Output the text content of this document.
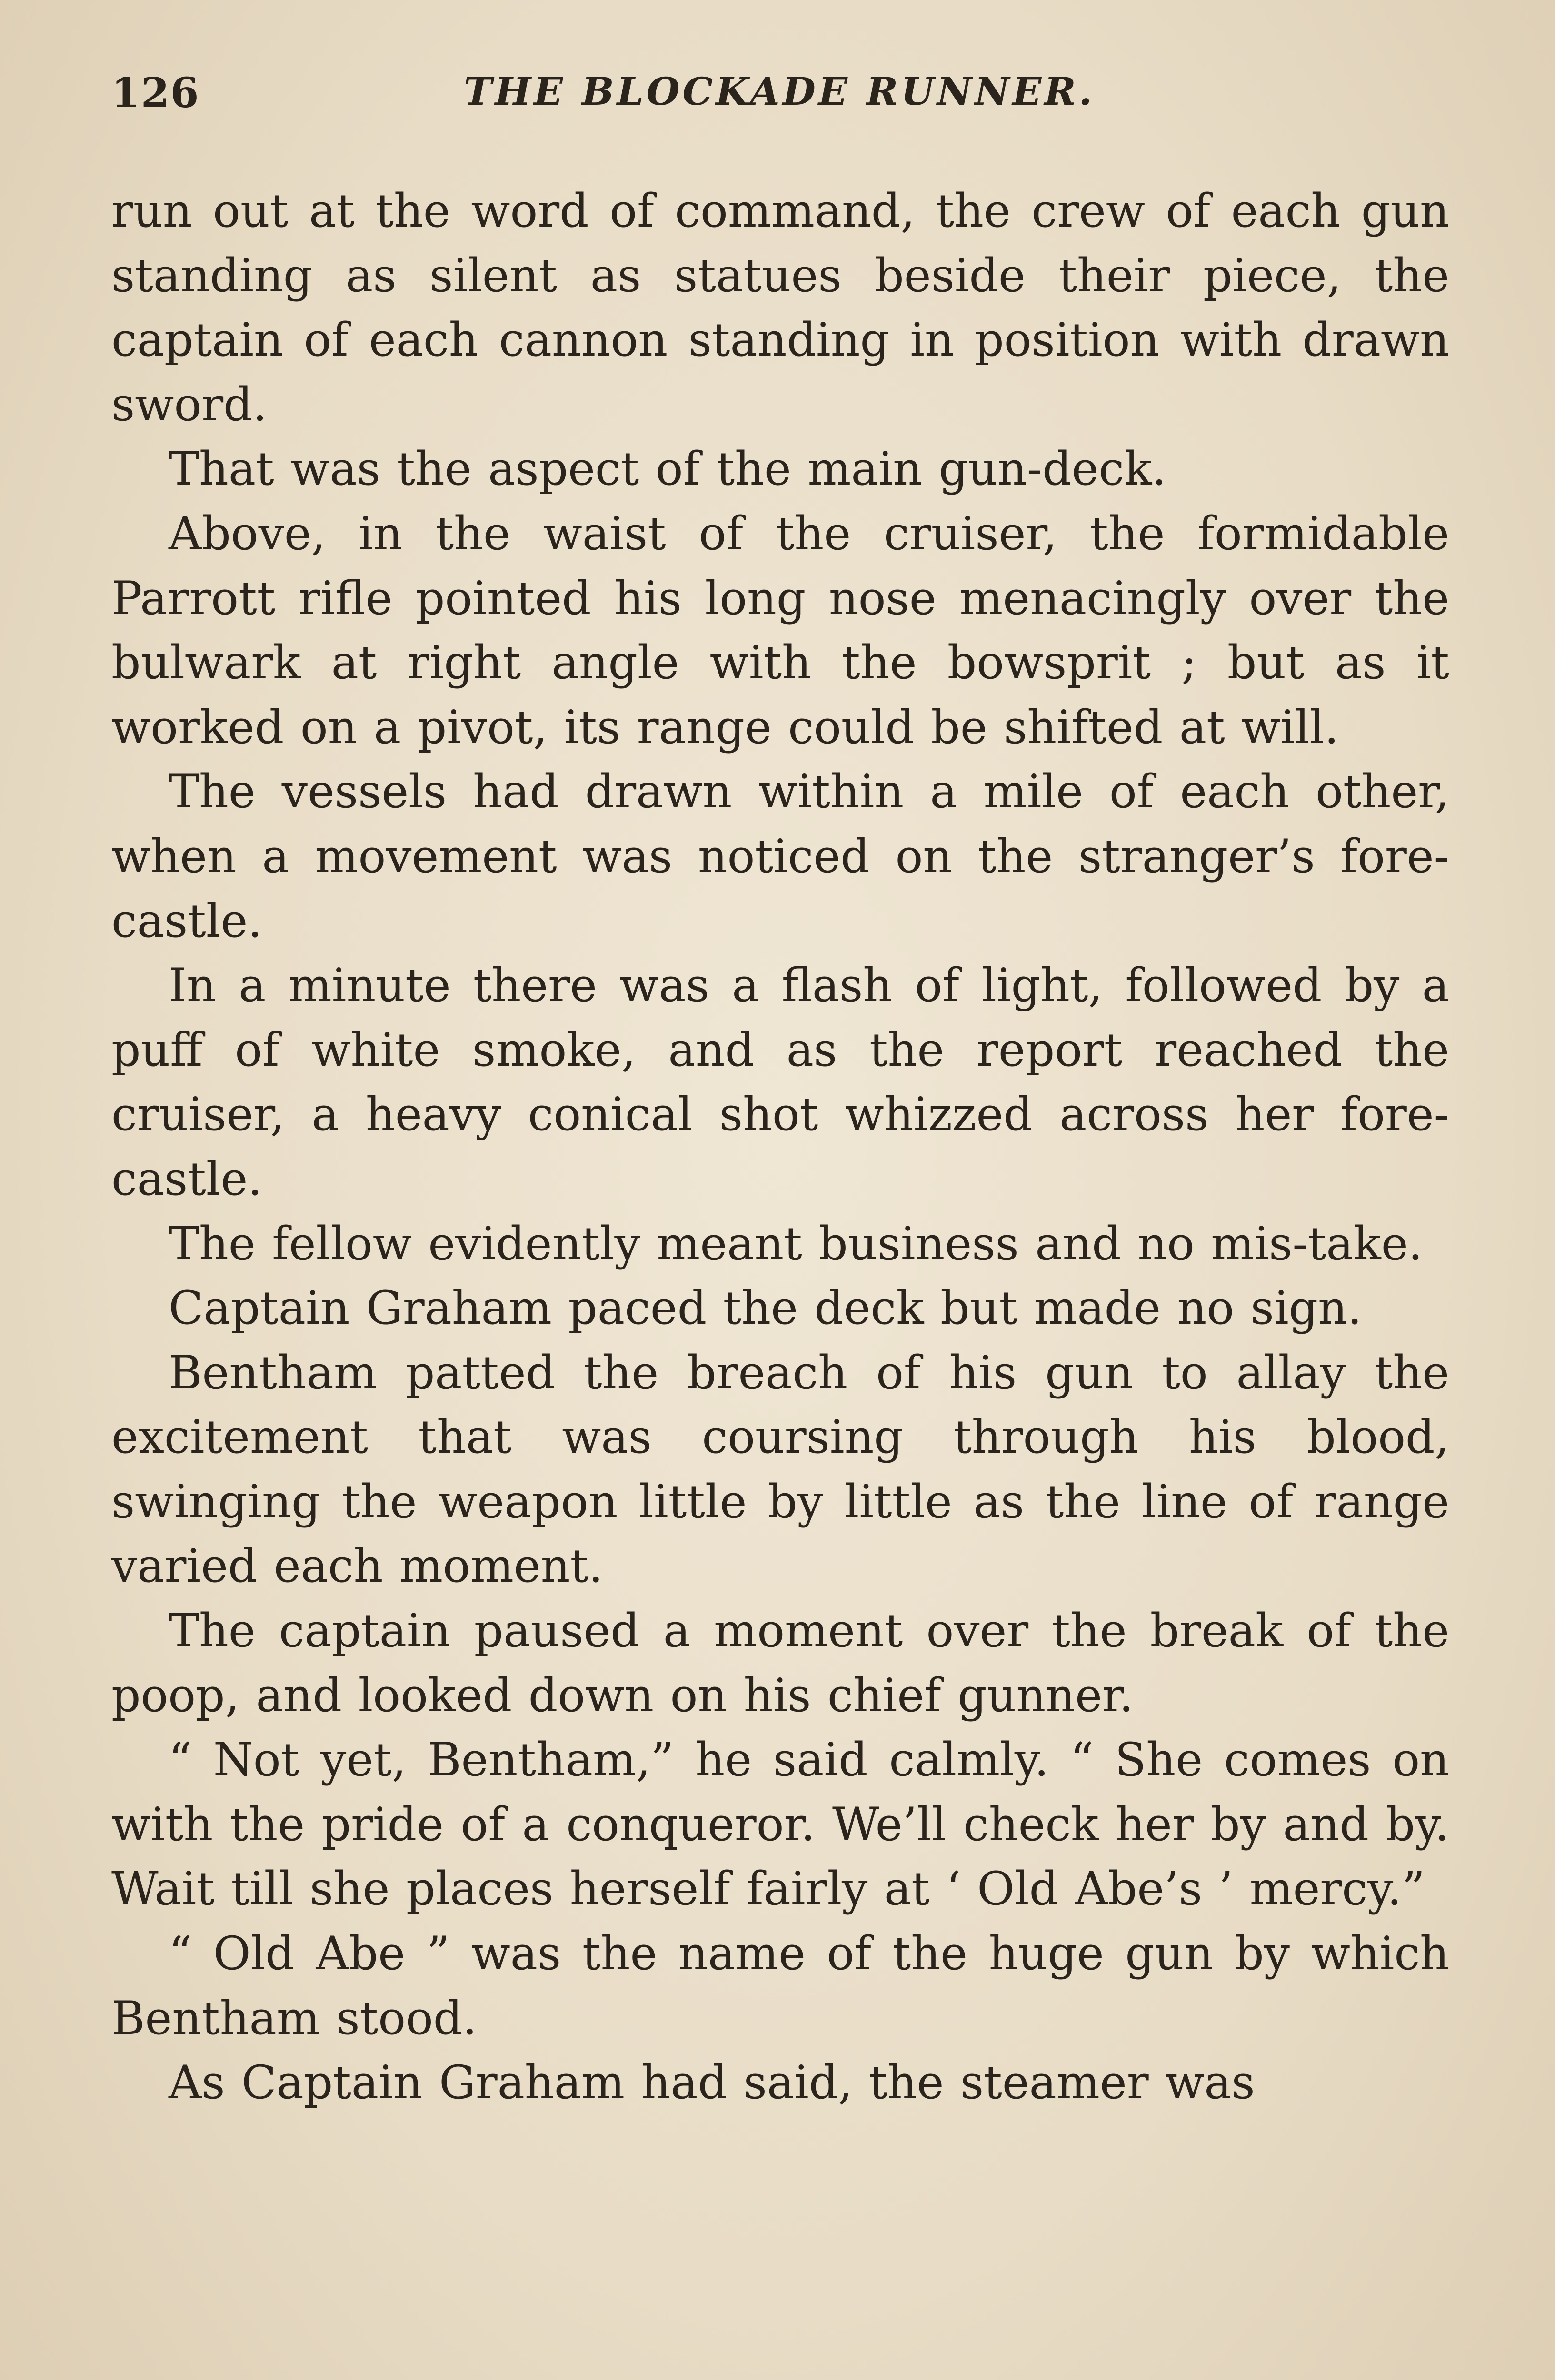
126	THE BLOCKADE RUNNER.

run out at the word of command, the crew of each gun standing as silent as statues beside their piece, the captain of each cannon standing in position with drawn sword.

That was the aspect of the main gun-deck.

Above, in the waist of the cruiser, the formidable Parrott rifle pointed his long nose menacingly over the bulwark at right angle with the bowsprit ; but as it worked on a pivot, its range could be shifted at will.

The vessels had drawn within a mile of each other, when a movement was noticed on the stranger’s fore-castle.

In a minute there was a flash of light, followed by a puff of white smoke, and as the report reached the cruiser, a heavy conical shot whizzed across her fore-castle.

The fellow evidently meant business and no mis-take.

Captain Graham paced the deck but made no sign.

Bentham patted the breach of his gun to allay the excitement that was coursing through his blood, swinging the weapon little by little as the line of range varied each moment.

The captain paused a moment over the break of the poop, and looked down on his chief gunner.

“ Not yet, Bentham,” he said calmly. “ She comes on with the pride of a conqueror. We’ll check her by and by. Wait till she places herself fairly at ‘ Old Abe’s ’ mercy.”

“ Old Abe ” was the name of the huge gun by which Bentham stood.

As Captain Graham had said, the steamer was
